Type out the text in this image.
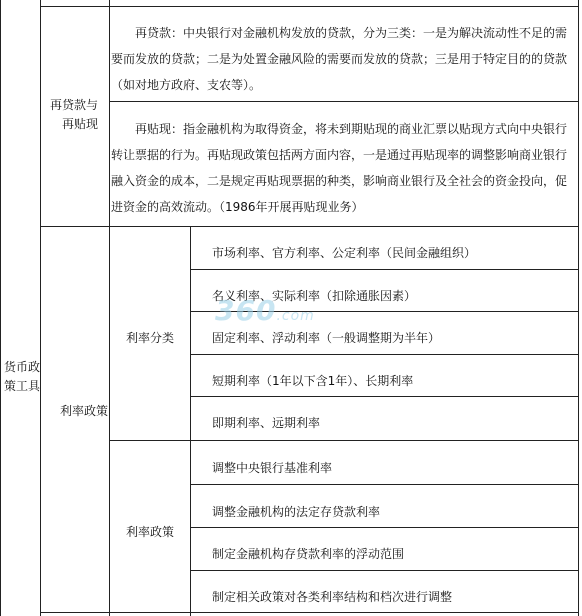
货币政策工具
再贷款与再贴现
利率政策
再贷款：中央银行对金融机构发放的贷款，分为三类：一是为解决流动性不足的需要而发放的贷款；二是为处置金融风险的需要而发放的贷款；三是用于特定目的的贷款（如对地方政府、支农等）。
再贴现：指金融机构为取得资金，将未到期贴现的商业汇票以贴现方式向中央银行转让票据的行为。再贴现政策包括两方面内容，一是通过再贴现率的调整影响商业银行融入资金的成本，二是规定再贴现票据的种类，影响商业银行及全社会的资金投向，促进资金的高效流动。（1986年开展再贴现业务）
利率分类
利率政策
市场利率、官方利率、公定利率（民间金融组织）
名义利率、实际利率（扣除通胀因素）
固定利率、浮动利率（一般调整期为半年）
短期利率（1年以下含1年）、长期利率
即期利率、远期利率
调整中央银行基准利率
调整金融机构的法定存贷款利率
制定金融机构存贷款利率的浮动范围
制定相关政策对各类利率结构和档次进行调整
360.com
